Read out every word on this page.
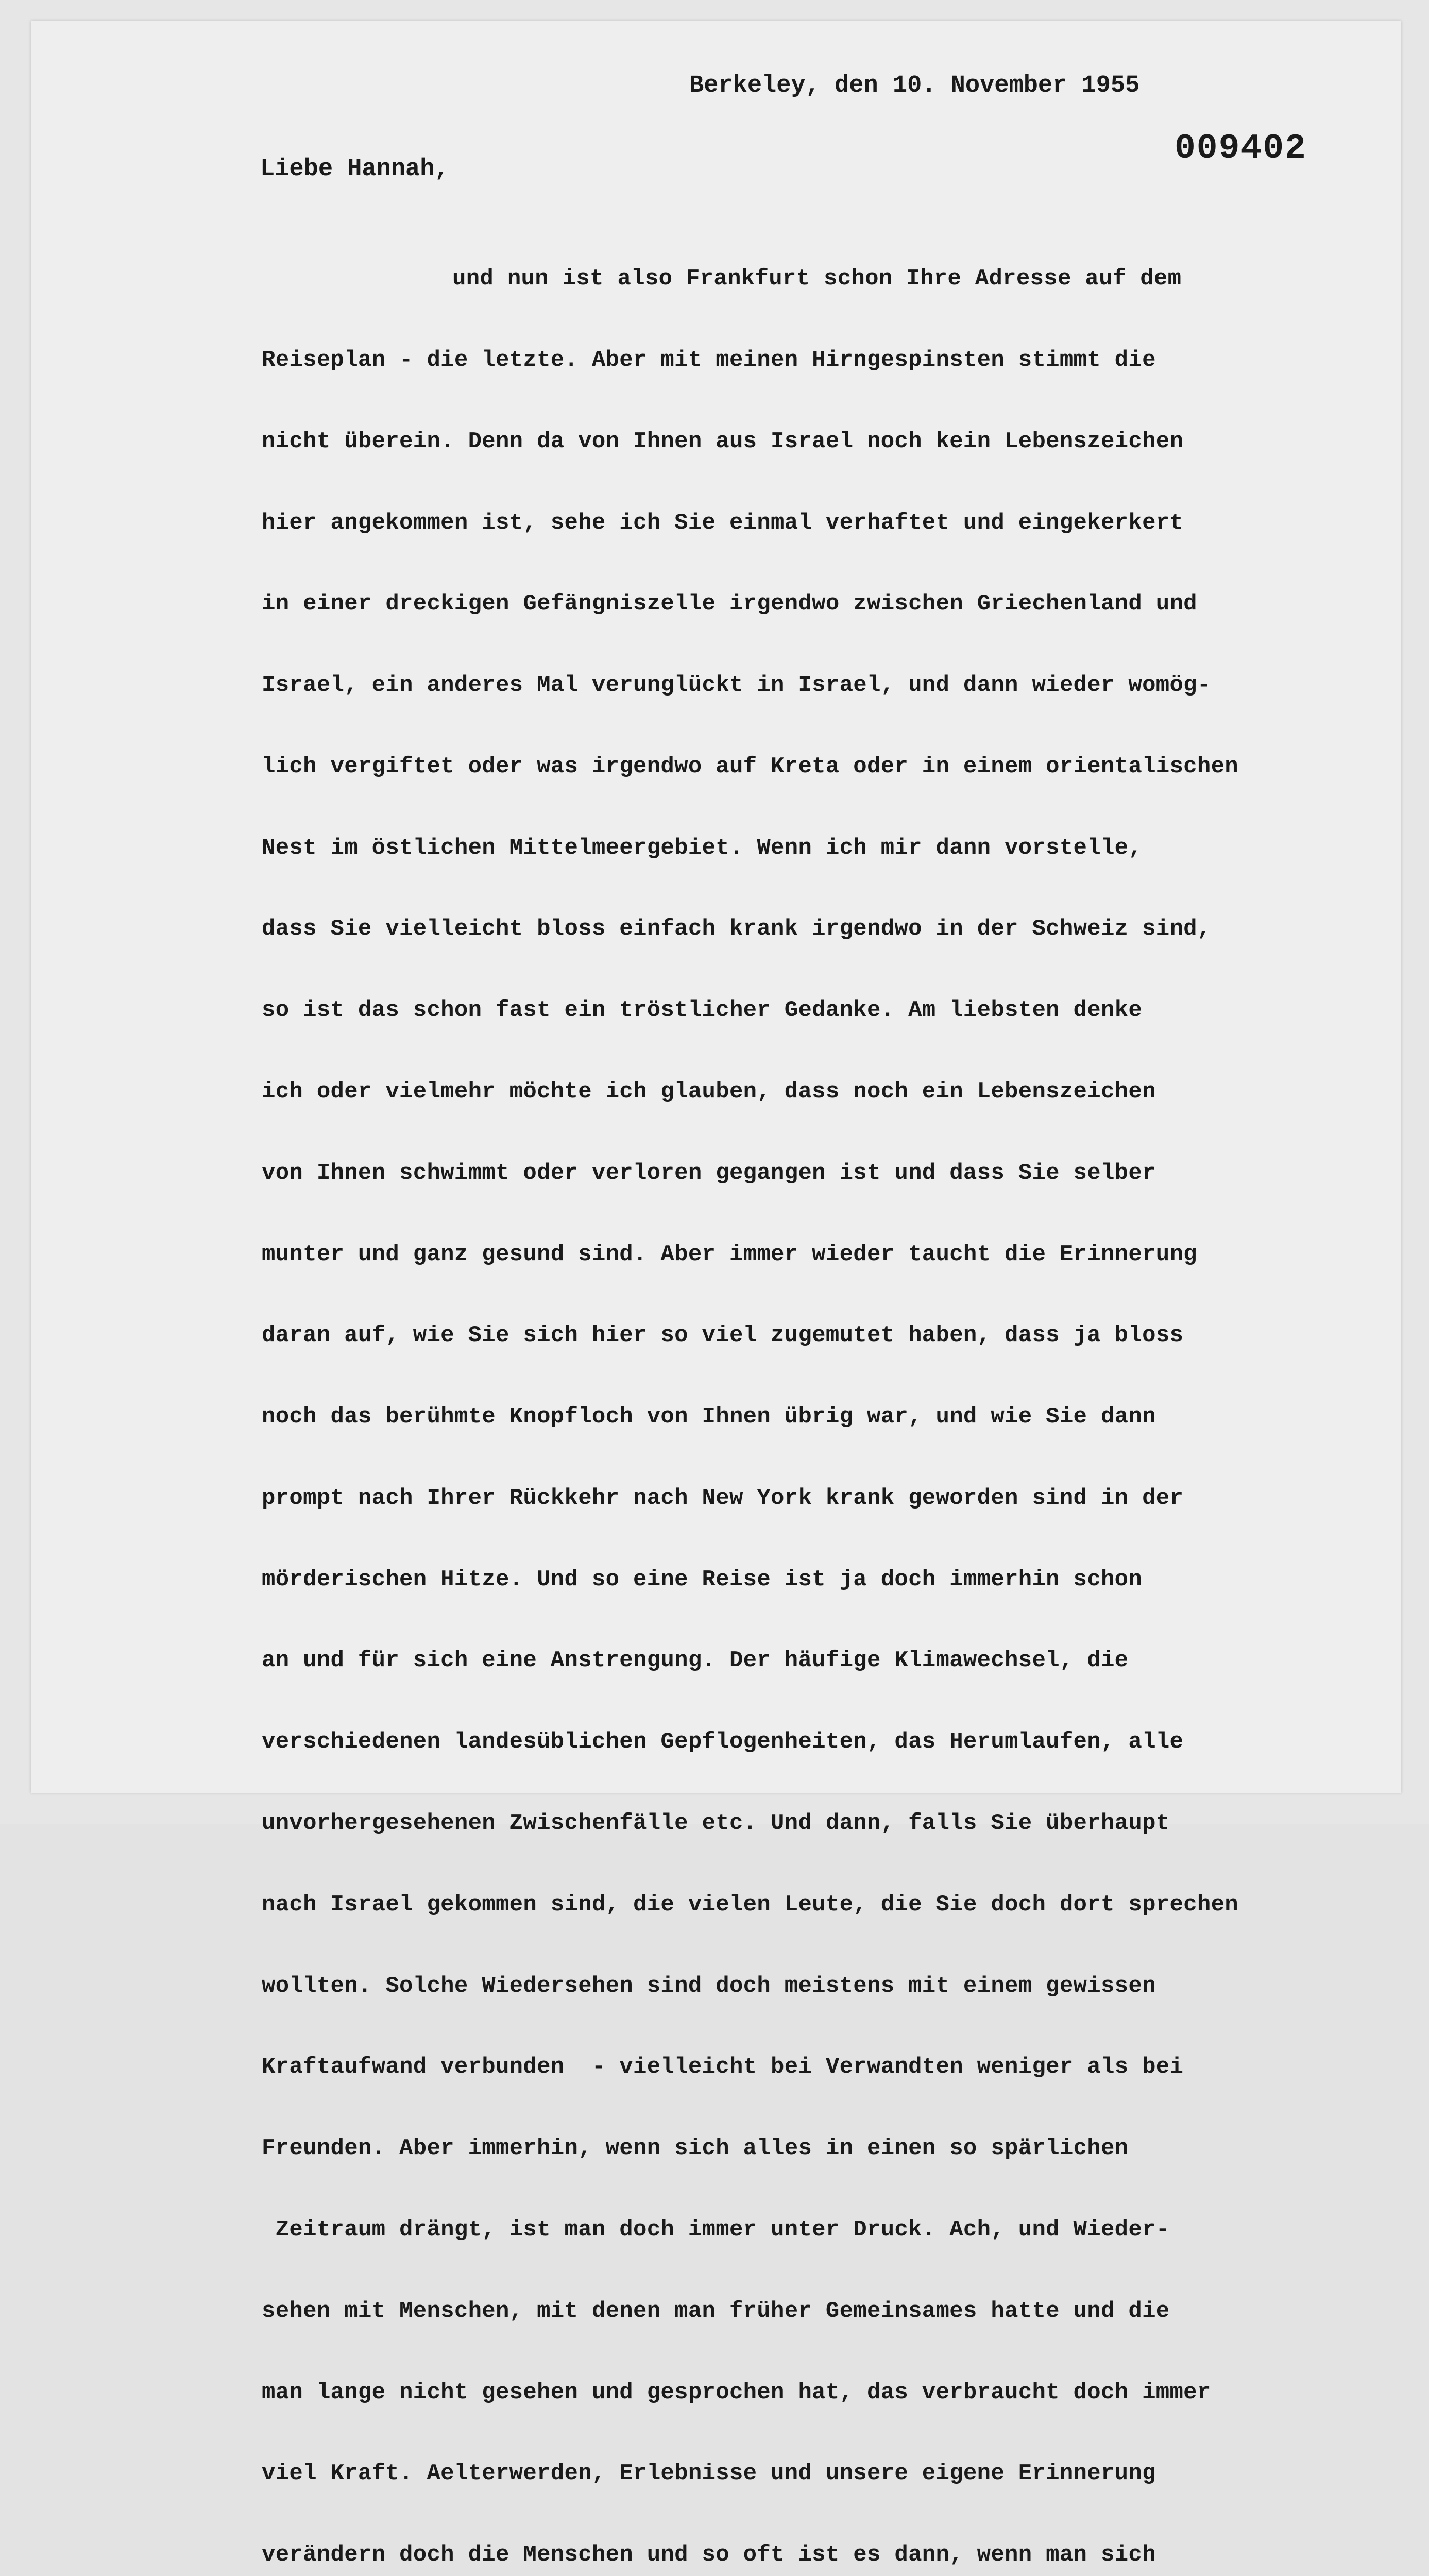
Berkeley, den 10. November 1955
009402
Liebe Hannah,

und nun ist also Frankfurt schon Ihre Adresse auf dem

Reiseplan - die letzte. Aber mit meinen Hirngespinsten stimmt die

nicht überein. Denn da von Ihnen aus Israel noch kein Lebenszeichen

hier angekommen ist, sehe ich Sie einmal verhaftet und eingekerkert

in einer dreckigen Gefängniszelle irgendwo zwischen Griechenland und

Israel, ein anderes Mal verunglückt in Israel, und dann wieder womög-

lich vergiftet oder was irgendwo auf Kreta oder in einem orientalischen

Nest im östlichen Mittelmeergebiet. Wenn ich mir dann vorstelle,

dass Sie vielleicht bloss einfach krank irgendwo in der Schweiz sind,

so ist das schon fast ein tröstlicher Gedanke. Am liebsten denke

ich oder vielmehr möchte ich glauben, dass noch ein Lebenszeichen

von Ihnen schwimmt oder verloren gegangen ist und dass Sie selber

munter und ganz gesund sind. Aber immer wieder taucht die Erinnerung

daran auf, wie Sie sich hier so viel zugemutet haben, dass ja bloss

noch das berühmte Knopfloch von Ihnen übrig war, und wie Sie dann

prompt nach Ihrer Rückkehr nach New York krank geworden sind in der

mörderischen Hitze. Und so eine Reise ist ja doch immerhin schon

an und für sich eine Anstrengung. Der häufige Klimawechsel, die

verschiedenen landesüblichen Gepflogenheiten, das Herumlaufen, alle

unvorhergesehenen Zwischenfälle etc. Und dann, falls Sie überhaupt

nach Israel gekommen sind, die vielen Leute, die Sie doch dort sprechen

wollten. Solche Wiedersehen sind doch meistens mit einem gewissen

Kraftaufwand verbunden  - vielleicht bei Verwandten weniger als bei

Freunden. Aber immerhin, wenn sich alles in einen so spärlichen

Zeitraum drängt, ist man doch immer unter Druck. Ach, und Wieder-

sehen mit Menschen, mit denen man früher Gemeinsames hatte und die

man lange nicht gesehen und gesprochen hat, das verbraucht doch immer

viel Kraft. Aelterwerden, Erlebnisse und unsere eigene Erinnerung

verändern doch die Menschen und so oft ist es dann, wenn man sich
